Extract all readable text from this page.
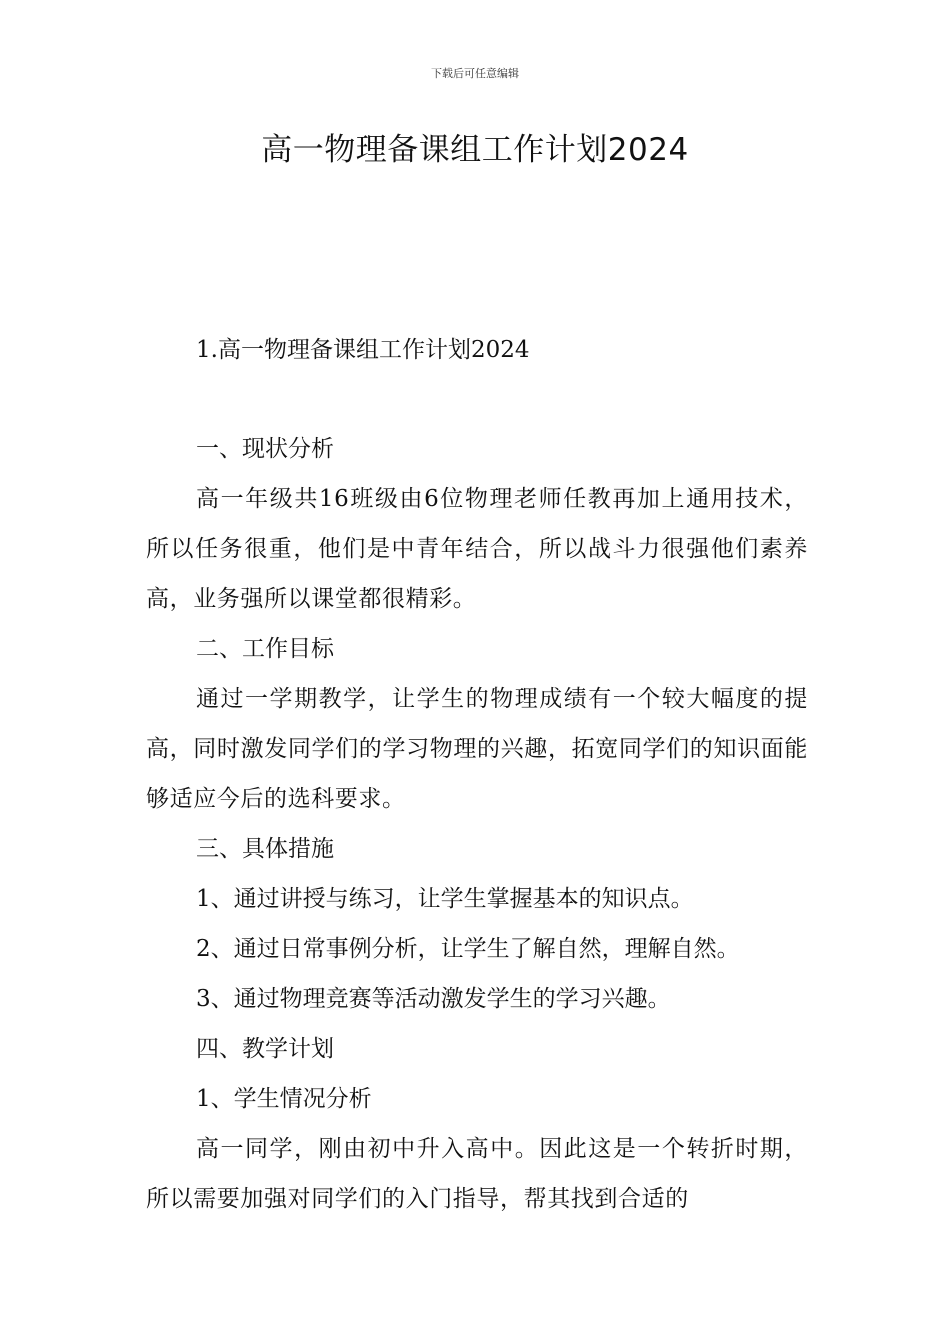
下载后可任意编辑
高一物理备课组工作计划2024

1.高一物理备课组工作计划2024

一、现状分析

高一年级共16班级由6位物理老师任教再加上通用技术，所以任务很重，他们是中青年结合，所以战斗力很强他们素养高，业务强所以课堂都很精彩。

二、工作目标

通过一学期教学，让学生的物理成绩有一个较大幅度的提高，同时激发同学们的学习物理的兴趣，拓宽同学们的知识面能够适应今后的选科要求。

三、具体措施

1、通过讲授与练习，让学生掌握基本的知识点。

2、通过日常事例分析，让学生了解自然，理解自然。

3、通过物理竞赛等活动激发学生的学习兴趣。

四、教学计划

1、学生情况分析

高一同学，刚由初中升入高中。因此这是一个转折时期，所以需要加强对同学们的入门指导，帮其找到合适的
